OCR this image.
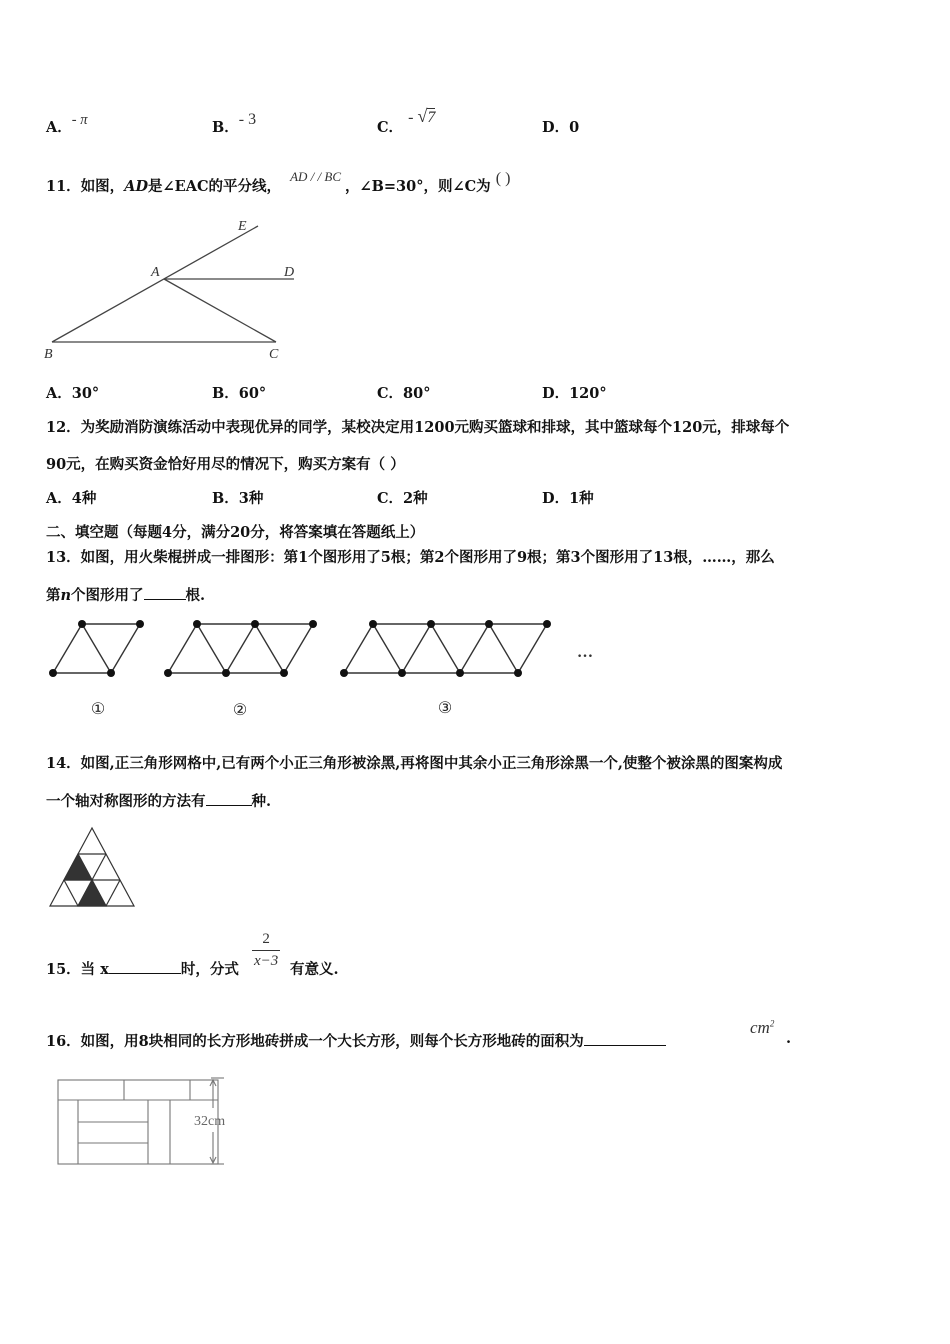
A．- π	B．- 3	C． - √7
D．0
11．如图，AD是∠EAC的平分线， AD / / BC，∠B=30°，则∠C为 ( )
E
A	D
B	C
A．30°	B．60°	C．80°	D．120°
12．为奖励消防演练活动中表现优异的同学，某校决定用1200元购买篮球和排球，其中篮球每个120元，排球每个
90元，在购买资金恰好用尽的情况下，购买方案有（ ）
A．4种	B．3种	C．2种	D．1种
二、填空题（每题4分，满分20分，将答案填在答题纸上）
13．如图，用火柴棍拼成一排图形：第1个图形用了5根；第2个图形用了9根；第3个图形用了13根，……，那么
第n个图形用了	根.
…
①	②	③
14．如图,正三角形网格中,已有两个小正三角形被涂黑,再将图中其余小正三角形涂黑一个,使整个被涂黑的图案构成
一个轴对称图形的方法有	种.
15．当 x	时，分式 $\frac{2}{x-3}$ 有意义.
16．如图，用8块相同的长方形地砖拼成一个大长方形，则每个长方形地砖的面积为
$cm^2$
.
32cm
